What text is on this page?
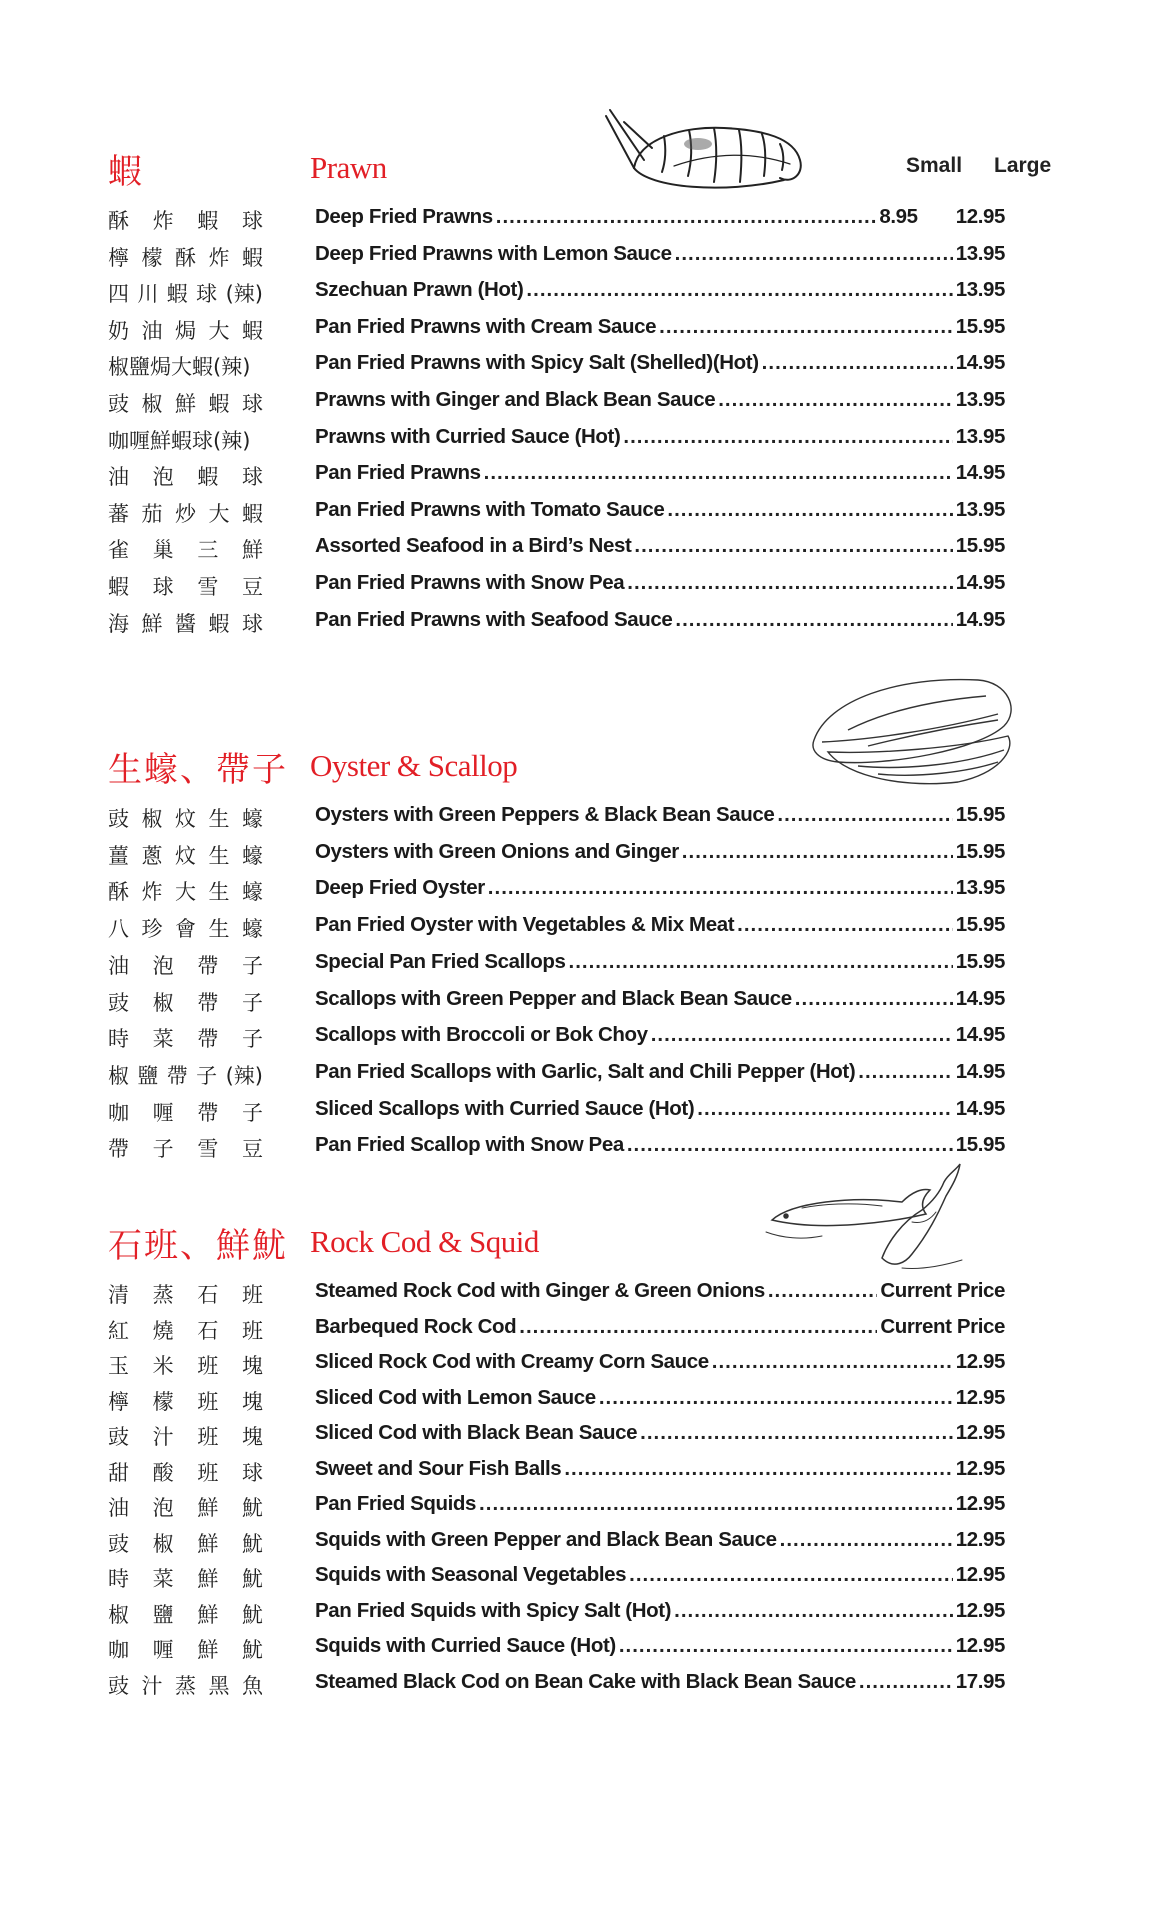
蝦	Prawn	Small Large
酥 炸 蝦 球	Deep Fried Prawns .....	8.95 12.95
檸 檬 酥 炸 蝦	Deep Fried Prawns with Lemon Sauce .....	13.95
四 川 蝦 球 (辣)	Szechuan Prawn (Hot) .....	13.95
奶 油 焗 大 蝦	Pan Fried Prawns with Cream Sauce .....	15.95
椒鹽焗大蝦(辣)	Pan Fried Prawns with Spicy Salt (Shelled)(Hot) .....	14.95
豉 椒 鮮 蝦 球	Prawns with Ginger and Black Bean Sauce .....	13.95
咖喱鮮蝦球(辣)	Prawns with Curried Sauce (Hot) .....	13.95
油 泡 蝦 球	Pan Fried Prawns .....	14.95
蕃 茄 炒 大 蝦	Pan Fried Prawns with Tomato Sauce .....	13.95
雀 巢 三 鮮	Assorted Seafood in a Bird’s Nest .....	15.95
蝦 球 雪 豆	Pan Fried Prawns with Snow Pea .....	14.95
海 鮮 醬 蝦 球	Pan Fried Prawns with Seafood Sauce .....	14.95
生蠔、帶子 Oyster & Scallop
豉 椒 炆 生 蠔	Oysters with Green Peppers & Black Bean Sauce .....	15.95
薑 蔥 炆 生 蠔	Oysters with Green Onions and Ginger .....	15.95
酥 炸 大 生 蠔	Deep Fried Oyster .....	13.95
八 珍 會 生 蠔	Pan Fried Oyster with Vegetables & Mix Meat .....	15.95
油 泡 帶 子	Special Pan Fried Scallops .....	15.95
豉 椒 帶 子	Scallops with Green Pepper and Black Bean Sauce .....	14.95
時 菜 帶 子	Scallops with Broccoli or Bok Choy .....	14.95
椒 鹽 帶 子 (辣)	Pan Fried Scallops with Garlic, Salt and Chili Pepper (Hot) .....	14.95
咖 喱 帶 子	Sliced Scallops with Curried Sauce (Hot) .....	14.95
帶 子 雪 豆	Pan Fried Scallop with Snow Pea .....	15.95
石班、鮮魷 Rock Cod & Squid
清 蒸 石 班	Steamed Rock Cod with Ginger & Green Onions .....	Current Price
紅 燒 石 班	Barbequed Rock Cod .....	Current Price
玉 米 班 塊	Sliced Rock Cod with Creamy Corn Sauce .....	12.95
檸 檬 班 塊	Sliced Cod with Lemon Sauce .....	12.95
豉 汁 班 塊	Sliced Cod with Black Bean Sauce .....	12.95
甜 酸 班 球	Sweet and Sour Fish Balls .....	12.95
油 泡 鮮 魷	Pan Fried Squids .....	12.95
豉 椒 鮮 魷	Squids with Green Pepper and Black Bean Sauce .....	12.95
時 菜 鮮 魷	Squids with Seasonal Vegetables .....	12.95
椒 鹽 鮮 魷	Pan Fried Squids with Spicy Salt (Hot) .....	12.95
咖 喱 鮮 魷	Squids with Curried Sauce (Hot) .....	12.95
豉 汁 蒸 黑 魚	Steamed Black Cod on Bean Cake with Black Bean Sauce .....	17.95
